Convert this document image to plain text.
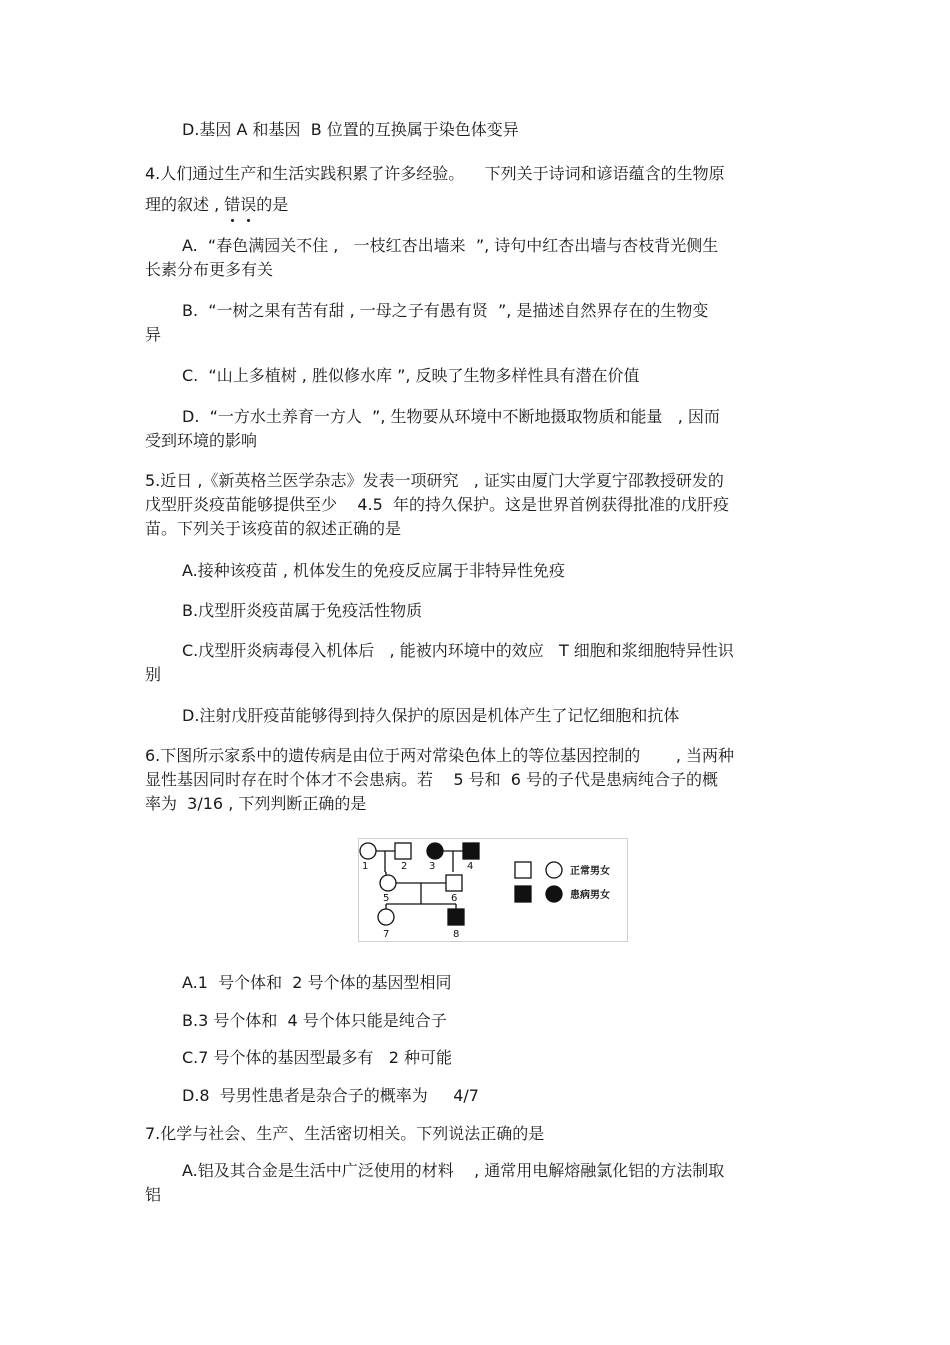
D.基因 A 和基因  B 位置的互换属于染色体变异

4.人们通过生产和生活实践积累了许多经验。    下列关于诗词和谚语蕴含的生物原

理的叙述 , 错误的是

A.  “春色满园关不住 ,   一枝红杏出墙来  ”, 诗句中红杏出墙与杏枝背光侧生

长素分布更多有关

B.  “一树之果有苦有甜 , 一母之子有愚有贤  ”, 是描述自然界存在的生物变

异

C.  “山上多植树 , 胜似修水库 ”, 反映了生物多样性具有潜在价值

D.  “一方水土养育一方人  ”, 生物要从环境中不断地摄取物质和能量   , 因而

受到环境的影响

5.近日 ,《新英格兰医学杂志》发表一项研究   , 证实由厦门大学夏宁邵教授研发的

戊型肝炎疫苗能够提供至少    4.5  年的持久保护。这是世界首例获得批准的戊肝疫

苗。下列关于该疫苗的叙述正确的是

A.接种该疫苗 , 机体发生的免疫反应属于非特异性免疫

B.戊型肝炎疫苗属于免疫活性物质

C.戊型肝炎病毒侵入机体后   , 能被内环境中的效应   T 细胞和浆细胞特异性识

别

D.注射戊肝疫苗能够得到持久保护的原因是机体产生了记忆细胞和抗体

6.下图所示家系中的遗传病是由位于两对常染色体上的等位基因控制的       , 当两种

显性基因同时存在时个体才不会患病。若    5 号和  6 号的子代是患病纯合子的概

率为  3/16 , 下列判断正确的是

1	2 3	4
5	6
7	8
正常男女
患病男女

A.1  号个体和  2 号个体的基因型相同

B.3 号个体和  4 号个体只能是纯合子

C.7 号个体的基因型最多有   2 种可能

D.8  号男性患者是杂合子的概率为     4/7

7.化学与社会、生产、生活密切相关。下列说法正确的是

A.铝及其合金是生活中广泛使用的材料    , 通常用电解熔融氯化铝的方法制取

铝
